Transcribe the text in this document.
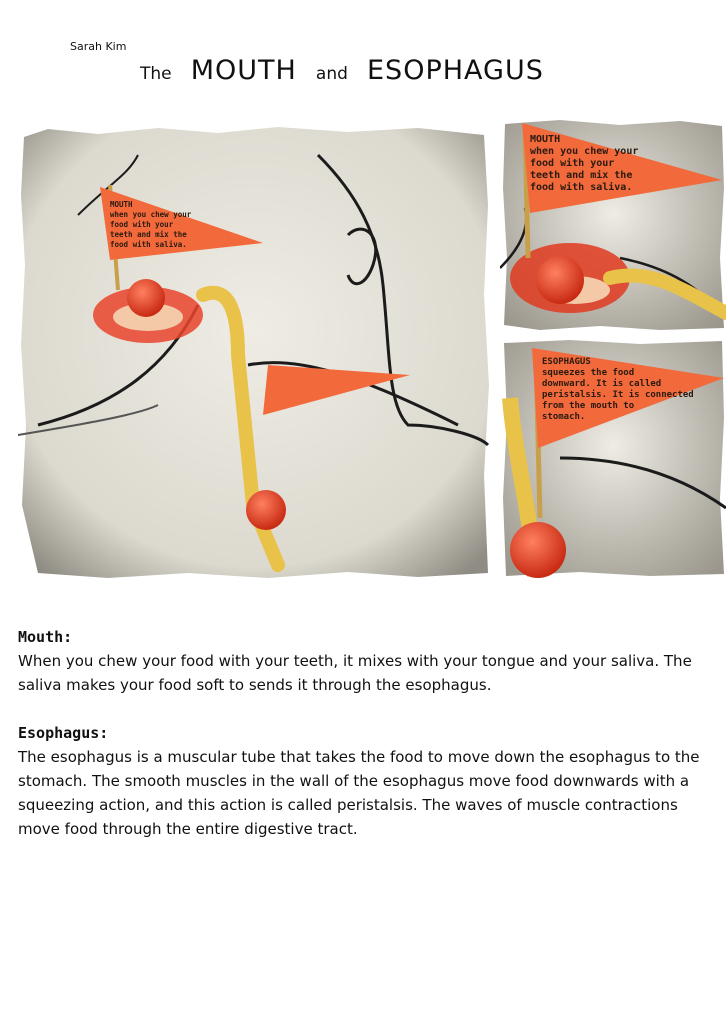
Sarah Kim
The MOUTH and ESOPHAGUS
MOUTH
when you chew your
food with your
teeth and mix the
food with saliva.
MOUTH
when you chew your
food with your
teeth and mix the
food with saliva.
ESOPHAGUS
squeezes the food
downward. It is called
peristalsis. It is connected
from the mouth to
stomach.
Mouth:

When you chew your food with your teeth, it mixes with your tongue and your saliva. The saliva makes your food soft to sends it through the esophagus.

Esophagus:

The esophagus is a muscular tube that takes the food to move down the esophagus to the stomach. The smooth muscles in the wall of the esophagus move food downwards with a squeezing action, and this action is called peristalsis. The waves of muscle contractions move food through the entire digestive tract.
